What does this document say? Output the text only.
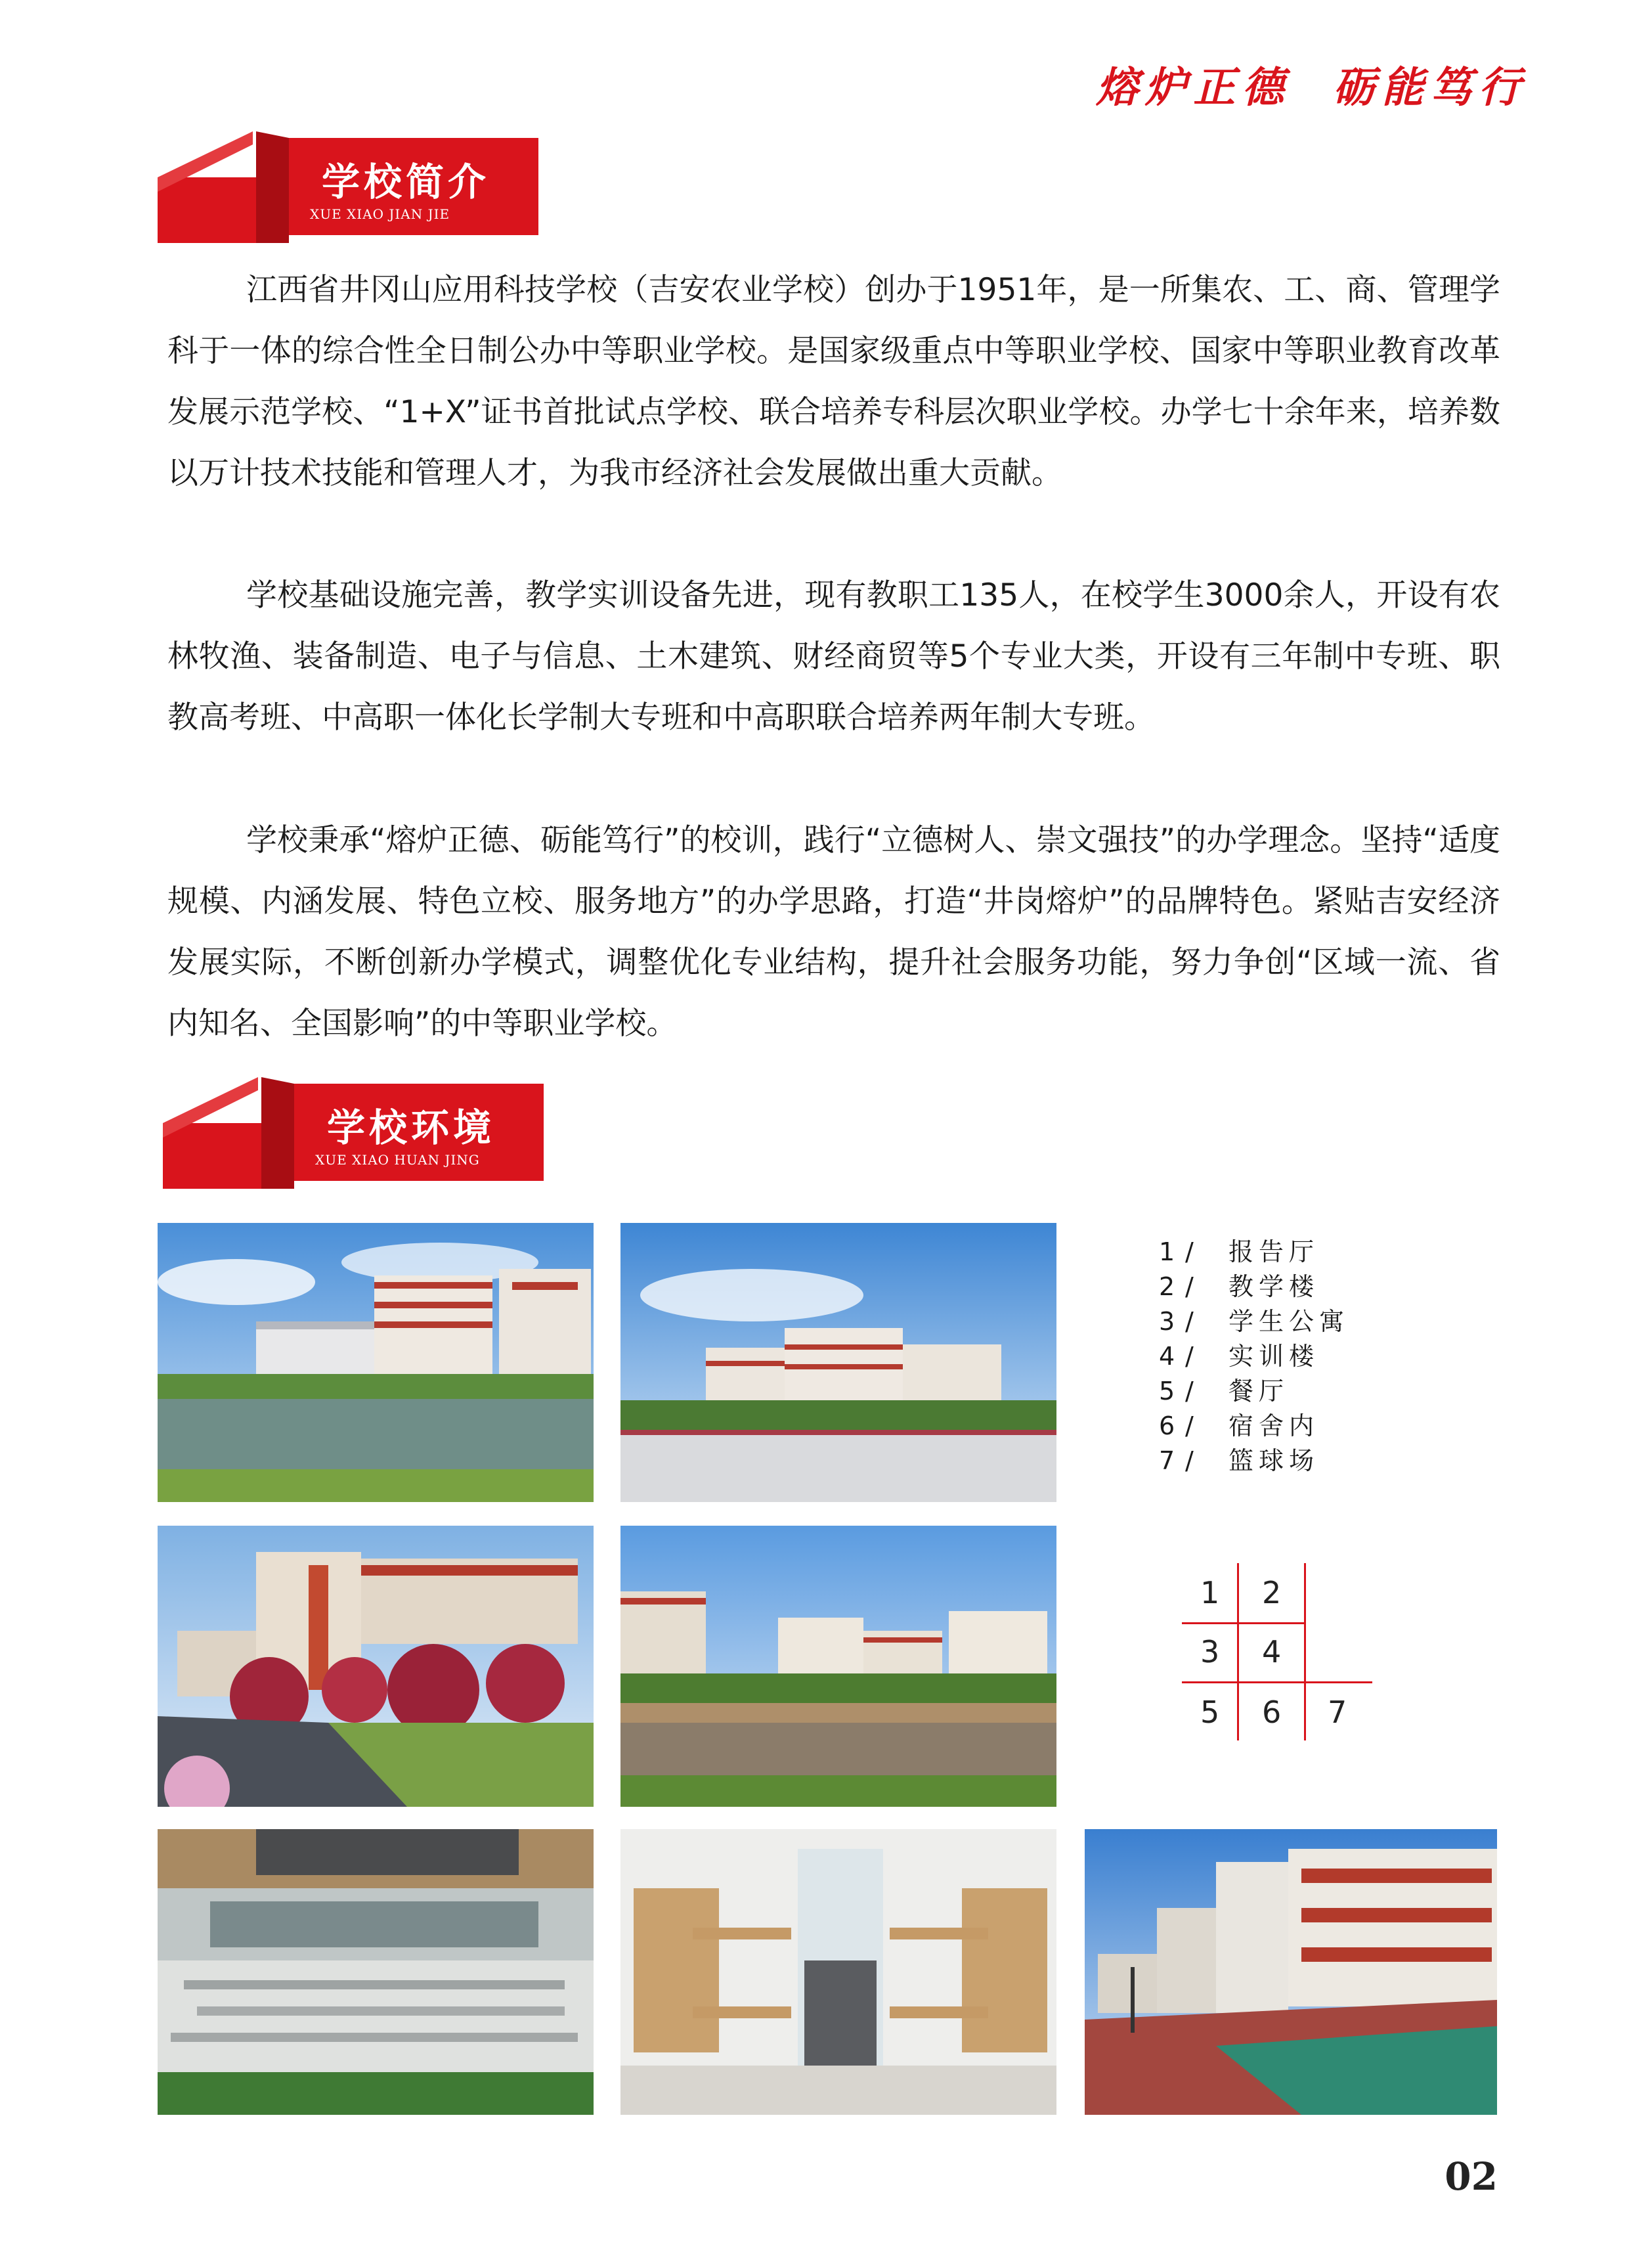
熔炉正德  砺能笃行
学校简介
XUE XIAO JIAN JIE

江西省井冈山应用科技学校（吉安农业学校）创办于1951年，是一所集农、工、商、管理学科于一体的综合性全日制公办中等职业学校。是国家级重点中等职业学校、国家中等职业教育改革发展示范学校、“1+X”证书首批试点学校、联合培养专科层次职业学校。办学七十余年来，培养数以万计技术技能和管理人才，为我市经济社会发展做出重大贡献。

学校基础设施完善，教学实训设备先进，现有教职工135人，在校学生3000余人，开设有农林牧渔、装备制造、电子与信息、土木建筑、财经商贸等5个专业大类，开设有三年制中专班、职教高考班、中高职一体化长学制大专班和中高职联合培养两年制大专班。

学校秉承“熔炉正德、砺能笃行”的校训，践行“立德树人、崇文强技”的办学理念。坚持“适度规模、内涵发展、特色立校、服务地方”的办学思路，打造“井岗熔炉”的品牌特色。紧贴吉安经济发展实际，不断创新办学模式，调整优化专业结构，提升社会服务功能，努力争创“区域一流、省内知名、全国影响”的中等职业学校。

学校环境
XUE XIAO HUAN JING
1 / 报告厅
2 / 教学楼
3 / 学生公寓
4 / 实训楼
5 / 餐厅
6 / 宿舍内
7 / 篮球场
1 2
3 4
5 6 7
02
